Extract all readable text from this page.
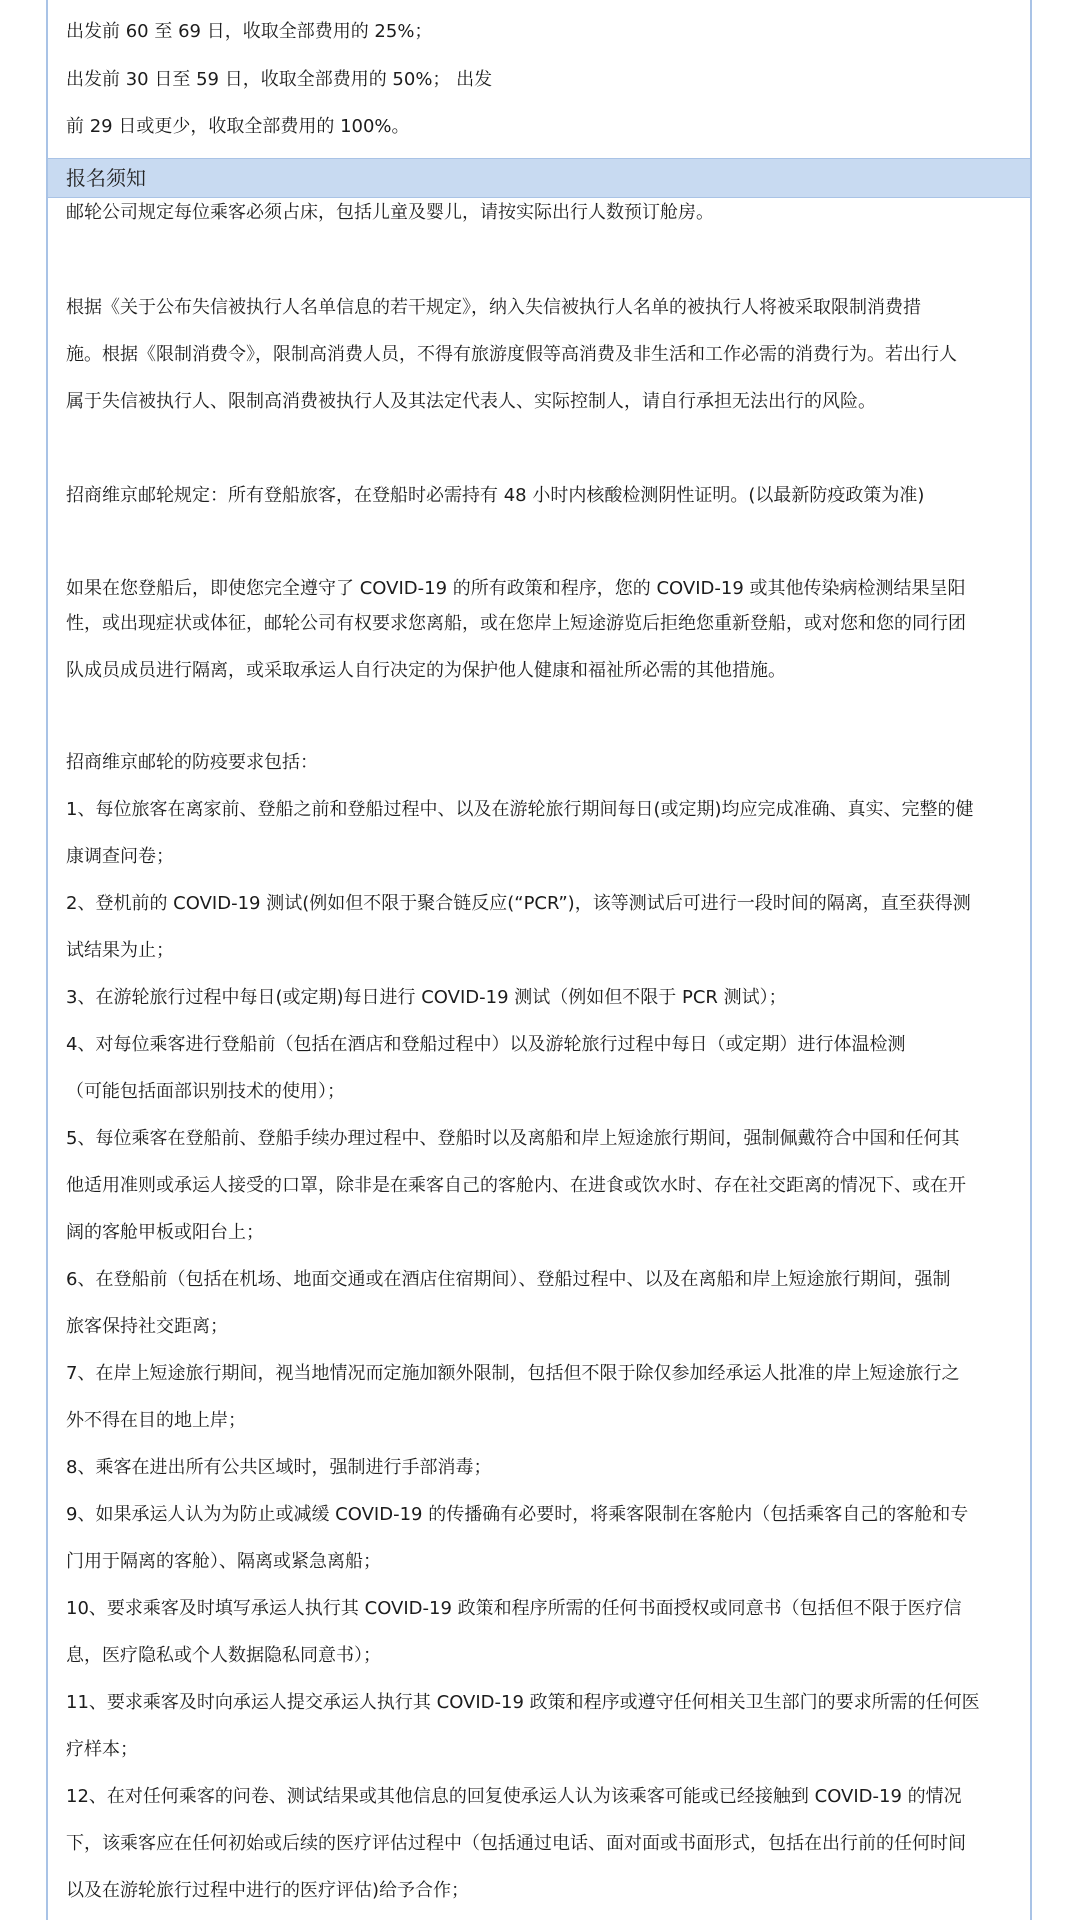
出发前 60 至 69 日，收取全部费用的 25%；
出发前 30 日至 59 日，收取全部费用的 50%； 出发
前 29 日或更少，收取全部费用的 100%。
报名须知
邮轮公司规定每位乘客必须占床，包括儿童及婴儿，请按实际出行人数预订舱房。
根据《关于公布失信被执行人名单信息的若干规定》，纳入失信被执行人名单的被执行人将被采取限制消费措
施。根据《限制消费令》，限制高消费人员，不得有旅游度假等高消费及非生活和工作必需的消费行为。若出行人
属于失信被执行人、限制高消费被执行人及其法定代表人、实际控制人，请自行承担无法出行的风险。
招商维京邮轮规定：所有登船旅客，在登船时必需持有 48 小时内核酸检测阴性证明。(以最新防疫政策为准)
如果在您登船后，即使您完全遵守了 COVID-19 的所有政策和程序，您的 COVID-19 或其他传染病检测结果呈阳
性，或出现症状或体征，邮轮公司有权要求您离船，或在您岸上短途游览后拒绝您重新登船，或对您和您的同行团
队成员成员进行隔离，或采取承运人自行决定的为保护他人健康和福祉所必需的其他措施。
招商维京邮轮的防疫要求包括：
1、每位旅客在离家前、登船之前和登船过程中、以及在游轮旅行期间每日(或定期)均应完成准确、真实、完整的健
康调查问卷；
2、登机前的 COVID-19 测试(例如但不限于聚合链反应(“PCR”)，该等测试后可进行一段时间的隔离，直至获得测
试结果为止；
3、在游轮旅行过程中每日(或定期)每日进行 COVID-19 测试（例如但不限于 PCR 测试）；
4、对每位乘客进行登船前（包括在酒店和登船过程中）以及游轮旅行过程中每日（或定期）进行体温检测
（可能包括面部识别技术的使用）；
5、每位乘客在登船前、登船手续办理过程中、登船时以及离船和岸上短途旅行期间，强制佩戴符合中国和任何其
他适用准则或承运人接受的口罩，除非是在乘客自己的客舱内、在进食或饮水时、存在社交距离的情况下、或在开
阔的客舱甲板或阳台上；
6、在登船前（包括在机场、地面交通或在酒店住宿期间）、登船过程中、以及在离船和岸上短途旅行期间，强制
旅客保持社交距离；
7、在岸上短途旅行期间，视当地情况而定施加额外限制，包括但不限于除仅参加经承运人批准的岸上短途旅行之
外不得在目的地上岸；
8、乘客在进出所有公共区域时，强制进行手部消毒；
9、如果承运人认为为防止或减缓 COVID-19 的传播确有必要时，将乘客限制在客舱内（包括乘客自己的客舱和专
门用于隔离的客舱）、隔离或紧急离船；
10、要求乘客及时填写承运人执行其 COVID-19 政策和程序所需的任何书面授权或同意书（包括但不限于医疗信
息，医疗隐私或个人数据隐私同意书）；
11、要求乘客及时向承运人提交承运人执行其 COVID-19 政策和程序或遵守任何相关卫生部门的要求所需的任何医
疗样本；
12、在对任何乘客的问卷、测试结果或其他信息的回复使承运人认为该乘客可能或已经接触到 COVID-19 的情况
下，该乘客应在任何初始或后续的医疗评估过程中（包括通过电话、面对面或书面形式，包括在出行前的任何时间
以及在游轮旅行过程中进行的医疗评估)给予合作；
